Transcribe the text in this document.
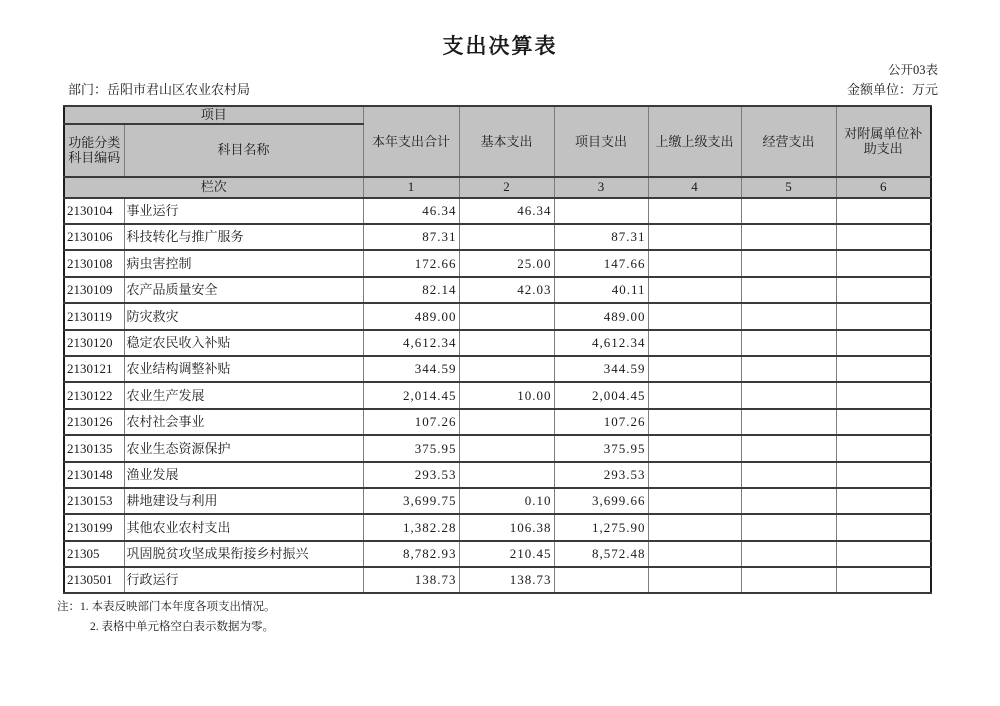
支出决算表
公开03表
部门：岳阳市君山区农业农村局	金额单位：万元
项目		本年支出合计	基本支出	项目支出	上缴上级支出	经营支出	对附属单位补助支出
功能分类科目编码	科目名称						
栏次		1	2	3	4	5	6
2130104	事业运行	46.34	46.34				
2130106	科技转化与推广服务	87.31		87.31			
2130108	病虫害控制	172.66	25.00	147.66			
2130109	农产品质量安全	82.14	42.03	40.11			
2130119	防灾救灾	489.00		489.00			
2130120	稳定农民收入补贴	4,612.34		4,612.34			
2130121	农业结构调整补贴	344.59		344.59			
2130122	农业生产发展	2,014.45	10.00	2,004.45			
2130126	农村社会事业	107.26		107.26			
2130135	农业生态资源保护	375.95		375.95			
2130148	渔业发展	293.53		293.53			
2130153	耕地建设与利用	3,699.75	0.10	3,699.66			
2130199	其他农业农村支出	1,382.28	106.38	1,275.90			
21305	巩固脱贫攻坚成果衔接乡村振兴	8,782.93	210.45	8,572.48			
2130501	行政运行	138.73	138.73				
注：1. 本表反映部门本年度各项支出情况。
2. 表格中单元格空白表示数据为零。
